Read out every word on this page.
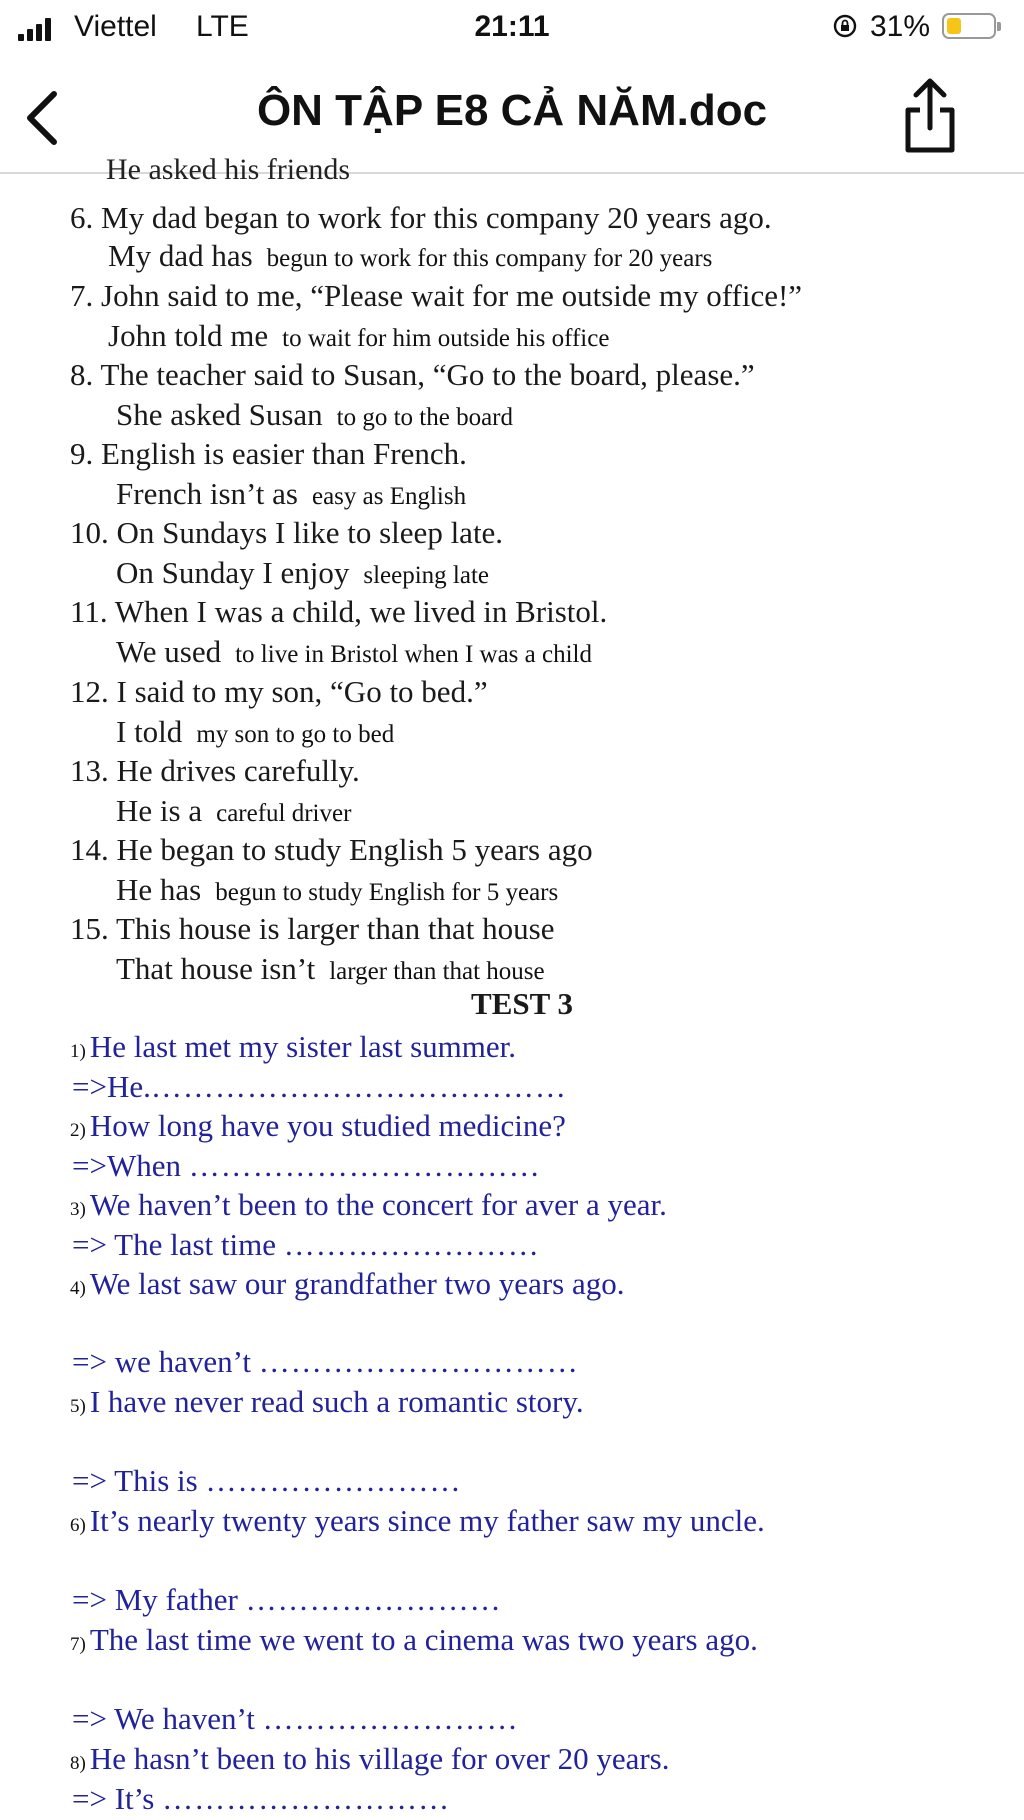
Viettel LTE	21:11	31%
ÔN TẬP E8 CẢ NĂM.doc
He asked his friends
6. My dad began to work for this company 20 years ago.
My dad has begun to work for this company for 20 years
7. John said to me, “Please wait for me outside my office!”
John told me to wait for him outside his office
8. The teacher said to Susan, “Go to the board, please.”
She asked Susan to go to the board
9. English is easier than French.
French isn’t as easy as English
10. On Sundays I like to sleep late.
On Sunday I enjoy sleeping late
11. When I was a child, we lived in Bristol.
We used to live in Bristol when I was a child
12. I said to my son, “Go to bed.”
I told my son to go to bed
13. He drives carefully.
He is a careful driver
14. He began to study English 5 years ago
He has begun to study English for 5 years
15. This house is larger than that house
That house isn’t larger than that house
TEST 3
1) He last met my sister last summer.
=>He.…………………………………
2) How long have you studied medicine?
=>When ……………………………
3) We haven’t been to the concert for aver a year.
=> The last time ……………………
4) We last saw our grandfather two years ago.
=> we haven’t …………………………
5) I have never read such a romantic story.
=> This is ……………………
6) It’s nearly twenty years since my father saw my uncle.
=> My father ……………………
7) The last time we went to a cinema was two years ago.
=> We haven’t ……………………
8) He hasn’t been to his village for over 20 years.
=> It’s ………………………
